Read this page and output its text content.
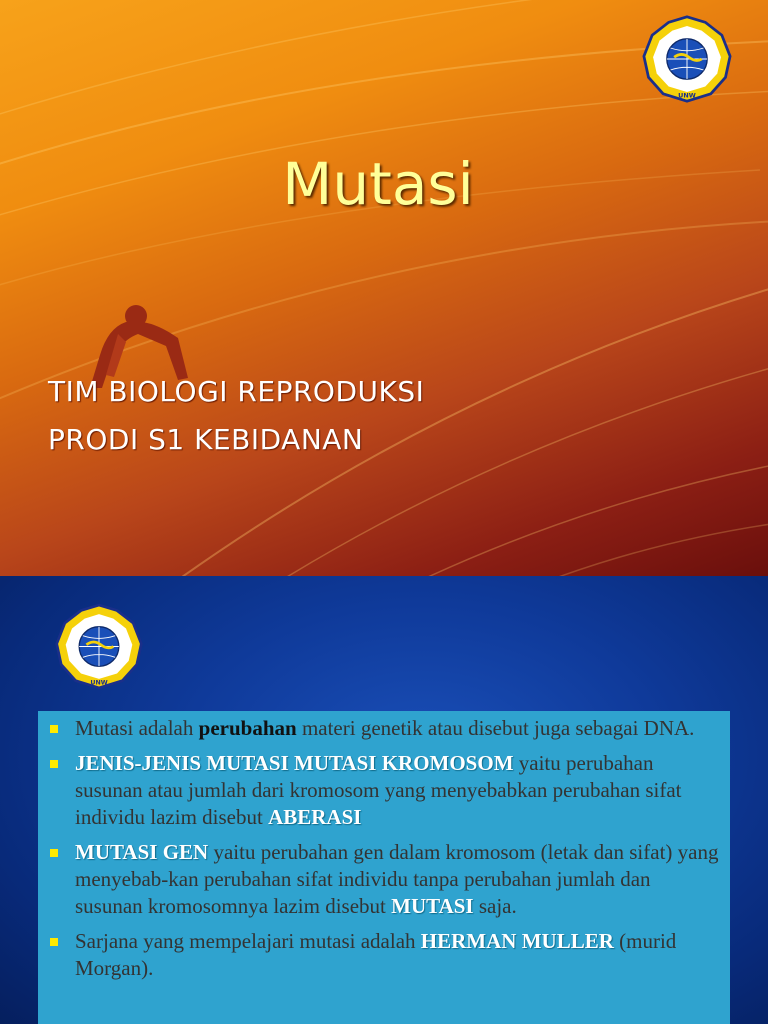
UNW
Mutasi
TIM BIOLOGI REPRODUKSI
PRODI S1 KEBIDANAN
UNW
Mutasi adalah perubahan materi genetik atau disebut juga sebagai DNA.
JENIS-JENIS MUTASI MUTASI KROMOSOM yaitu perubahan susunan atau jumlah dari kromosom yang menyebabkan perubahan sifat individu lazim disebut ABERASI
MUTASI GEN yaitu perubahan gen dalam kromosom (letak dan sifat) yang menyebab-kan perubahan sifat individu tanpa perubahan jumlah dan susunan kromosomnya lazim disebut MUTASI saja.
Sarjana yang mempelajari mutasi adalah HERMAN MULLER (murid Morgan).
